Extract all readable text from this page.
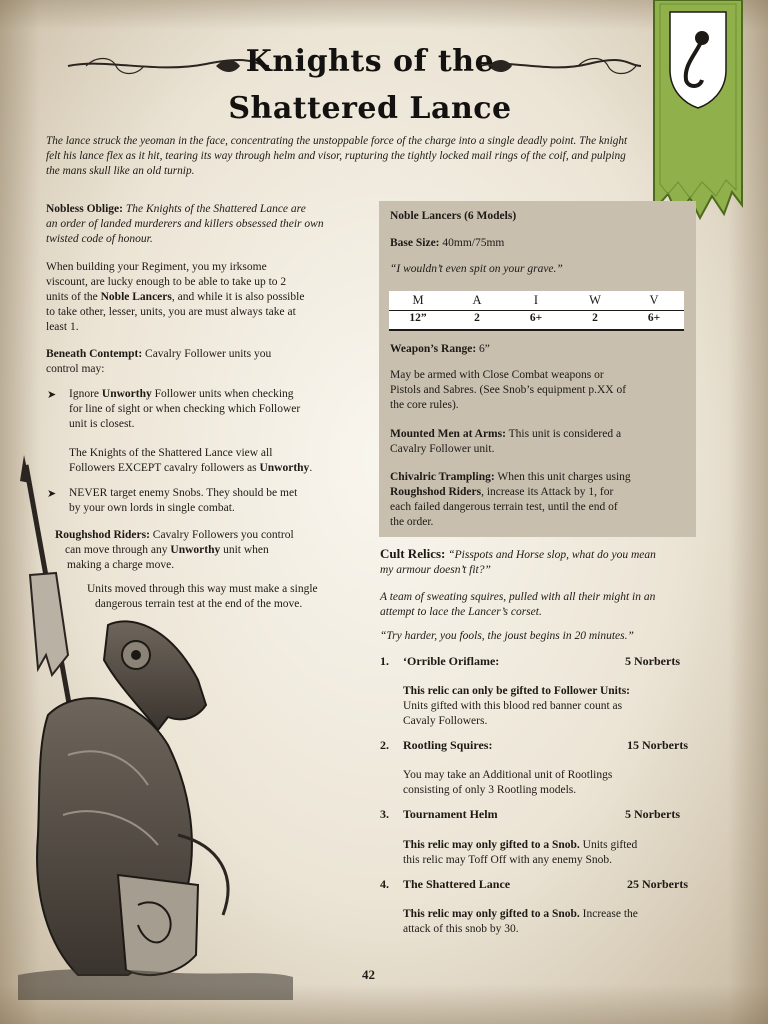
Knights of the
Shattered Lance
The lance struck the yeoman in the face, concentrating the unstoppable force of the charge into a single deadly point. The knight felt his lance flex as it hit, tearing its way through helm and visor, rupturing the tightly locked mail rings of the coif, and pulping the mans skull like an old turnip.

Nobless Oblige: The Knights of the Shattered Lance are

an order of landed murderers and killers obsessed their own

twisted code of honour.

When building your Regiment, you my irksome

viscount, are lucky enough to be able to take up to 2

units of the Noble Lancers, and while it is also possible

to take other, lesser, units, you are must always take at

least 1.

Beneath Contempt: Cavalry Follower units you

control may:

➤ Ignore Unworthy Follower units when checking
for line of sight or when checking which Follower
unit is closest.
The Knights of the Shattered Lance view all
Followers EXCEPT cavalry followers as Unworthy.
➤ NEVER target enemy Snobs. They should be met
by your own lords in single combat.

Roughshod Riders: Cavalry Followers you control

can move through any Unworthy unit when

making a charge move.

Units moved through this way must make a single

dangerous terrain test at the end of the move.

Noble Lancers (6 Models)
Base Size: 40mm/75mm
“I wouldn’t even spit on your grave.”
Weapon’s Range: 6”
May be armed with Close Combat weapons or
Pistols and Sabres. (See Snob’s equipment p.XX of
the core rules).
Mounted Men at Arms: This unit is considered a
Cavalry Follower unit.
Chivalric Trampling: When this unit charges using
Roughshod Riders, increase its Attack by 1, for
each failed dangerous terrain test, until the end of
the order.
M	A	I	W	V
12”	2	6+	2	6+
Cult Relics: “Pisspots and Horse slop, what do you mean
my armour doesn’t fit?”
A team of sweating squires, pulled with all their might in an
attempt to lace the Lancer’s corset.
“Try harder, you fools, the joust begins in 20 minutes.”
1. ‘Orrible Oriflame:	5 Norberts
This relic can only be gifted to Follower Units:
Units gifted with this blood red banner count as
Cavaly Followers.
2. Rootling Squires:	15 Norberts
You may take an Additional unit of Rootlings
consisting of only 3 Rootling models.
3. Tournament Helm	5 Norberts
This relic may only gifted to a Snob. Units gifted
this relic may Toff Off with any enemy Snob.
4. The Shattered Lance	25 Norberts
This relic may only gifted to a Snob. Increase the
attack of this snob by 30.
42
